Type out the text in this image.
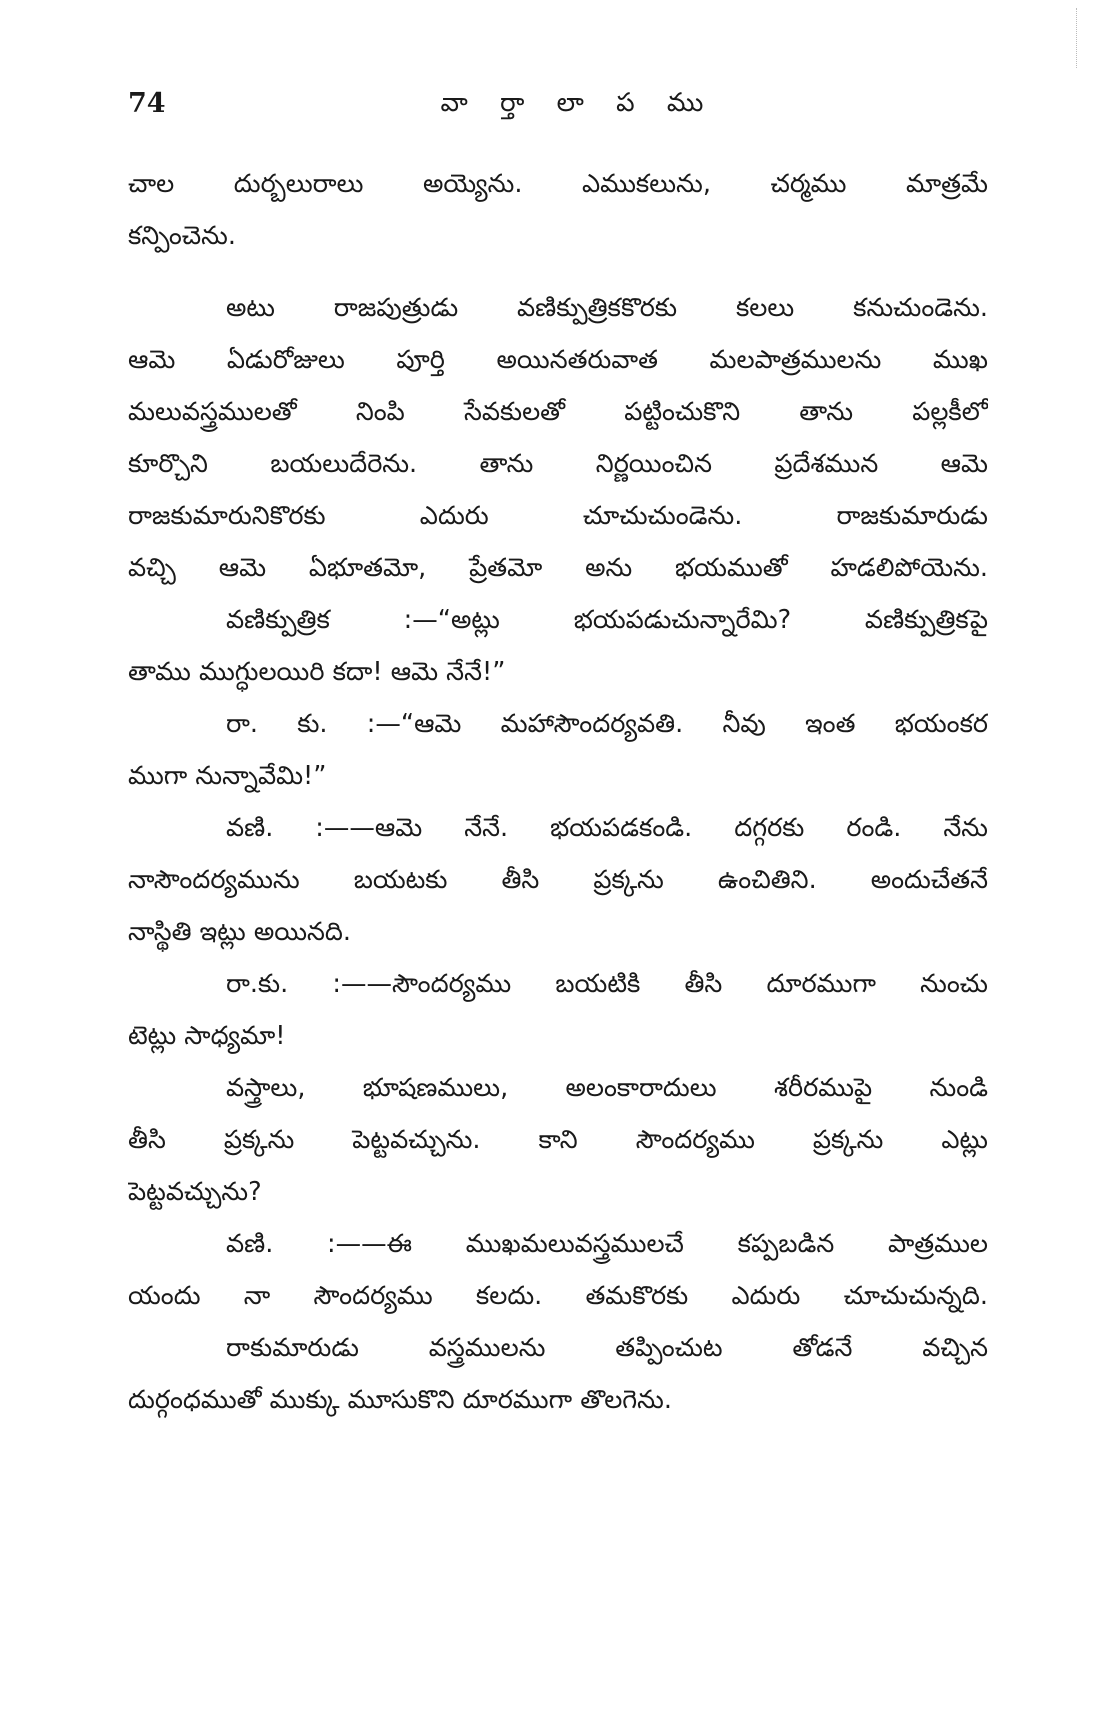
74	వా ర్తా లా ప ము
చాల దుర్బలురాలు అయ్యెను. ఎముకలును, చర్మము మాత్రమే
కన్పించెను.
అటు రాజపుత్రుడు వణిక్పుత్రికకొరకు కలలు కనుచుండెను.
ఆమె ఏడురోజులు పూర్తి అయినతరువాత మలపాత్రములను ముఖ
మలువస్త్రములతో నింపి సేవకులతో పట్టించుకొని తాను పల్లకీలో
కూర్చొని బయలుదేరెను. తాను నిర్ణయించిన ప్రదేశమున ఆమె
రాజకుమారునికొరకు ఎదురు చూచుచుండెను. రాజకుమారుడు
వచ్చి ఆమె ఏభూతమో, ప్రేతమో అను భయముతో హడలిపోయెను.
వణిక్పుత్రిక :—“అట్లు భయపడుచున్నారేమి? వణిక్పుత్రికపై
తాము ముగ్ధులయిరి కదా! ఆమె నేనే!”
రా. కు. :—“ఆమె మహాసౌందర్యవతి. నీవు ఇంత భయంకర
ముగా నున్నావేమి!”
వణి. :——ఆమె నేనే. భయపడకండి. దగ్గరకు రండి. నేను
నాసౌందర్యమును బయటకు తీసి ప్రక్కను ఉంచితిని. అందుచేతనే
నాస్థితి ఇట్లు అయినది.
రా.కు. :——సౌందర్యము బయటికి తీసి దూరముగా నుంచు
టెట్లు సాధ్యమా!
వస్త్రాలు, భూషణములు, అలంకారాదులు శరీరముపై నుండి
తీసి ప్రక్కను పెట్టవచ్చును. కాని సౌందర్యము ప్రక్కను ఎట్లు
పెట్టవచ్చును?
వణి. :——ఈ ముఖమలువస్త్రములచే కప్పబడిన పాత్రముల
యందు నా సౌందర్యము కలదు. తమకొరకు ఎదురు చూచుచున్నది.
రాకుమారుడు వస్త్రములను తప్పించుట తోడనే వచ్చిన
దుర్గంధముతో ముక్కు మూసుకొని దూరముగా తొలగెను.
